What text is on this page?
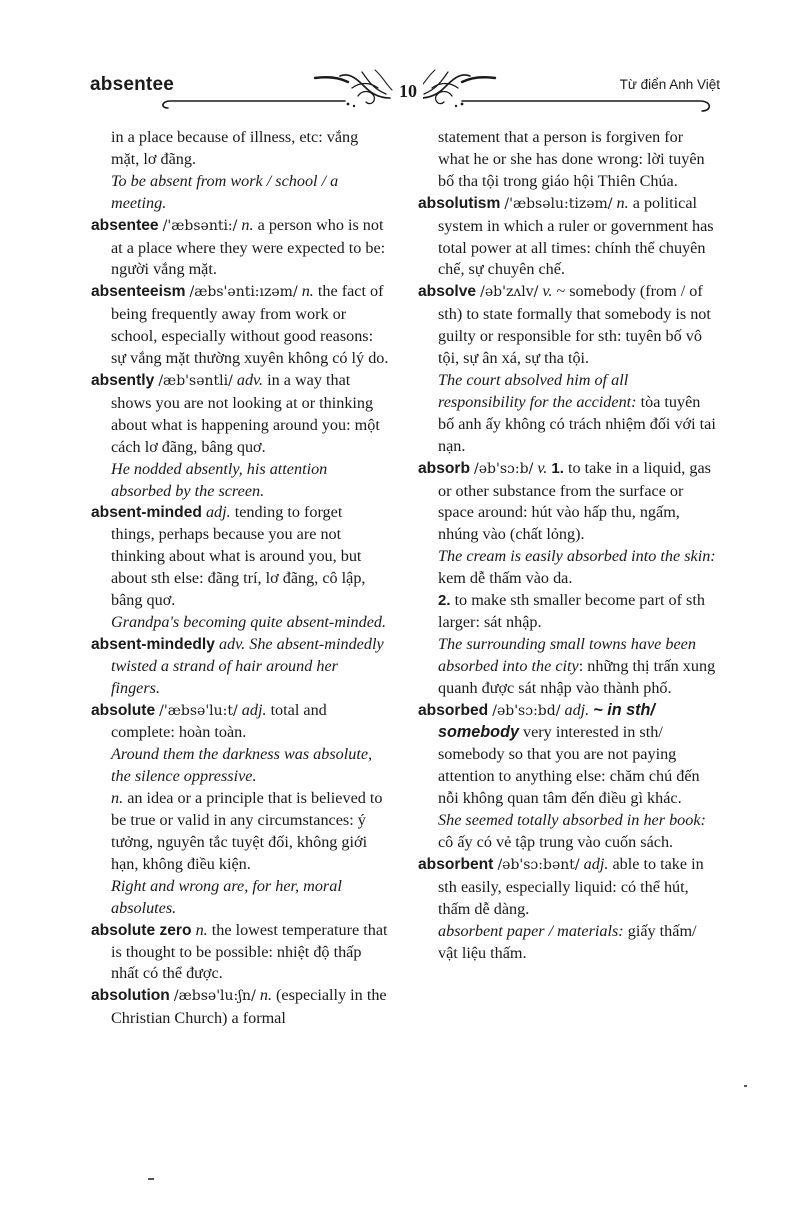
absentee	10	Từ điển Anh Việt

in a place because of illness, etc: vắng mặt, lơ đãng.

To be absent from work / school / a meeting.

absentee /'æbsənti:/ n. a person who is not at a place where they were expected to be: người vắng mặt.

absenteeism /æbs'ənti:ızəm/ n. the fact of being frequently away from work or school, especially without good reasons: sự vắng mặt thường xuyên không có lý do.

absently /æb'səntli/ adv. in a way that shows you are not looking at or thinking about what is happening around you: một cách lơ đãng, bâng quơ.

He nodded absently, his attention absorbed by the screen.

absent-minded adj. tending to forget things, perhaps because you are not thinking about what is around you, but about sth else: đãng trí, lơ đãng, cô lập, bâng quơ.

Grandpa's becoming quite absent-minded.

absent-mindedly adv. She absent-mindedly twisted a strand of hair around her fingers.

absolute /'æbsə'lu:t/ adj. total and complete: hoàn toàn.

Around them the darkness was absolute, the silence oppressive.

n. an idea or a principle that is believed to be true or valid in any circumstances: ý tưởng, nguyên tắc tuyệt đối, không giới hạn, không điều kiện.

Right and wrong are, for her, moral absolutes.

absolute zero n. the lowest temperature that is thought to be possible: nhiệt độ thấp nhất có thể được.

absolution /æbsə'lu:ʃn/ n. (especially in the Christian Church) a formal

statement that a person is forgiven for what he or she has done wrong: lời tuyên bố tha tội trong giáo hội Thiên Chúa.

absolutism /'æbsəlu:tizəm/ n. a political system in which a ruler or government has total power at all times: chính thể chuyên chế, sự chuyên chế.

absolve /əb'zʌlv/ v. ~ somebody (from / of sth) to state formally that somebody is not guilty or responsible for sth: tuyên bố vô tội, sự ân xá, sự tha tội.

The court absolved him of all responsibility for the accident: tòa tuyên bố anh ấy không có trách nhiệm đối với tai nạn.

absorb /əb'sɔ:b/ v. 1. to take in a liquid, gas or other substance from the surface or space around: hút vào hấp thu, ngấm, nhúng vào (chất lỏng).

The cream is easily absorbed into the skin: kem dễ thấm vào da.

2. to make sth smaller become part of sth larger: sát nhập.

The surrounding small towns have been absorbed into the city: những thị trấn xung quanh được sát nhập vào thành phố.

absorbed /əb'sɔ:bd/ adj. ~ in sth/ somebody very interested in sth/ somebody so that you are not paying attention to anything else: chăm chú đến nỗi không quan tâm đến điều gì khác.

She seemed totally absorbed in her book: cô ấy có vẻ tập trung vào cuốn sách.

absorbent /əb'sɔ:bənt/ adj. able to take in sth easily, especially liquid: có thể hút, thấm dễ dàng.

absorbent paper / materials: giấy thấm/ vật liệu thấm.
